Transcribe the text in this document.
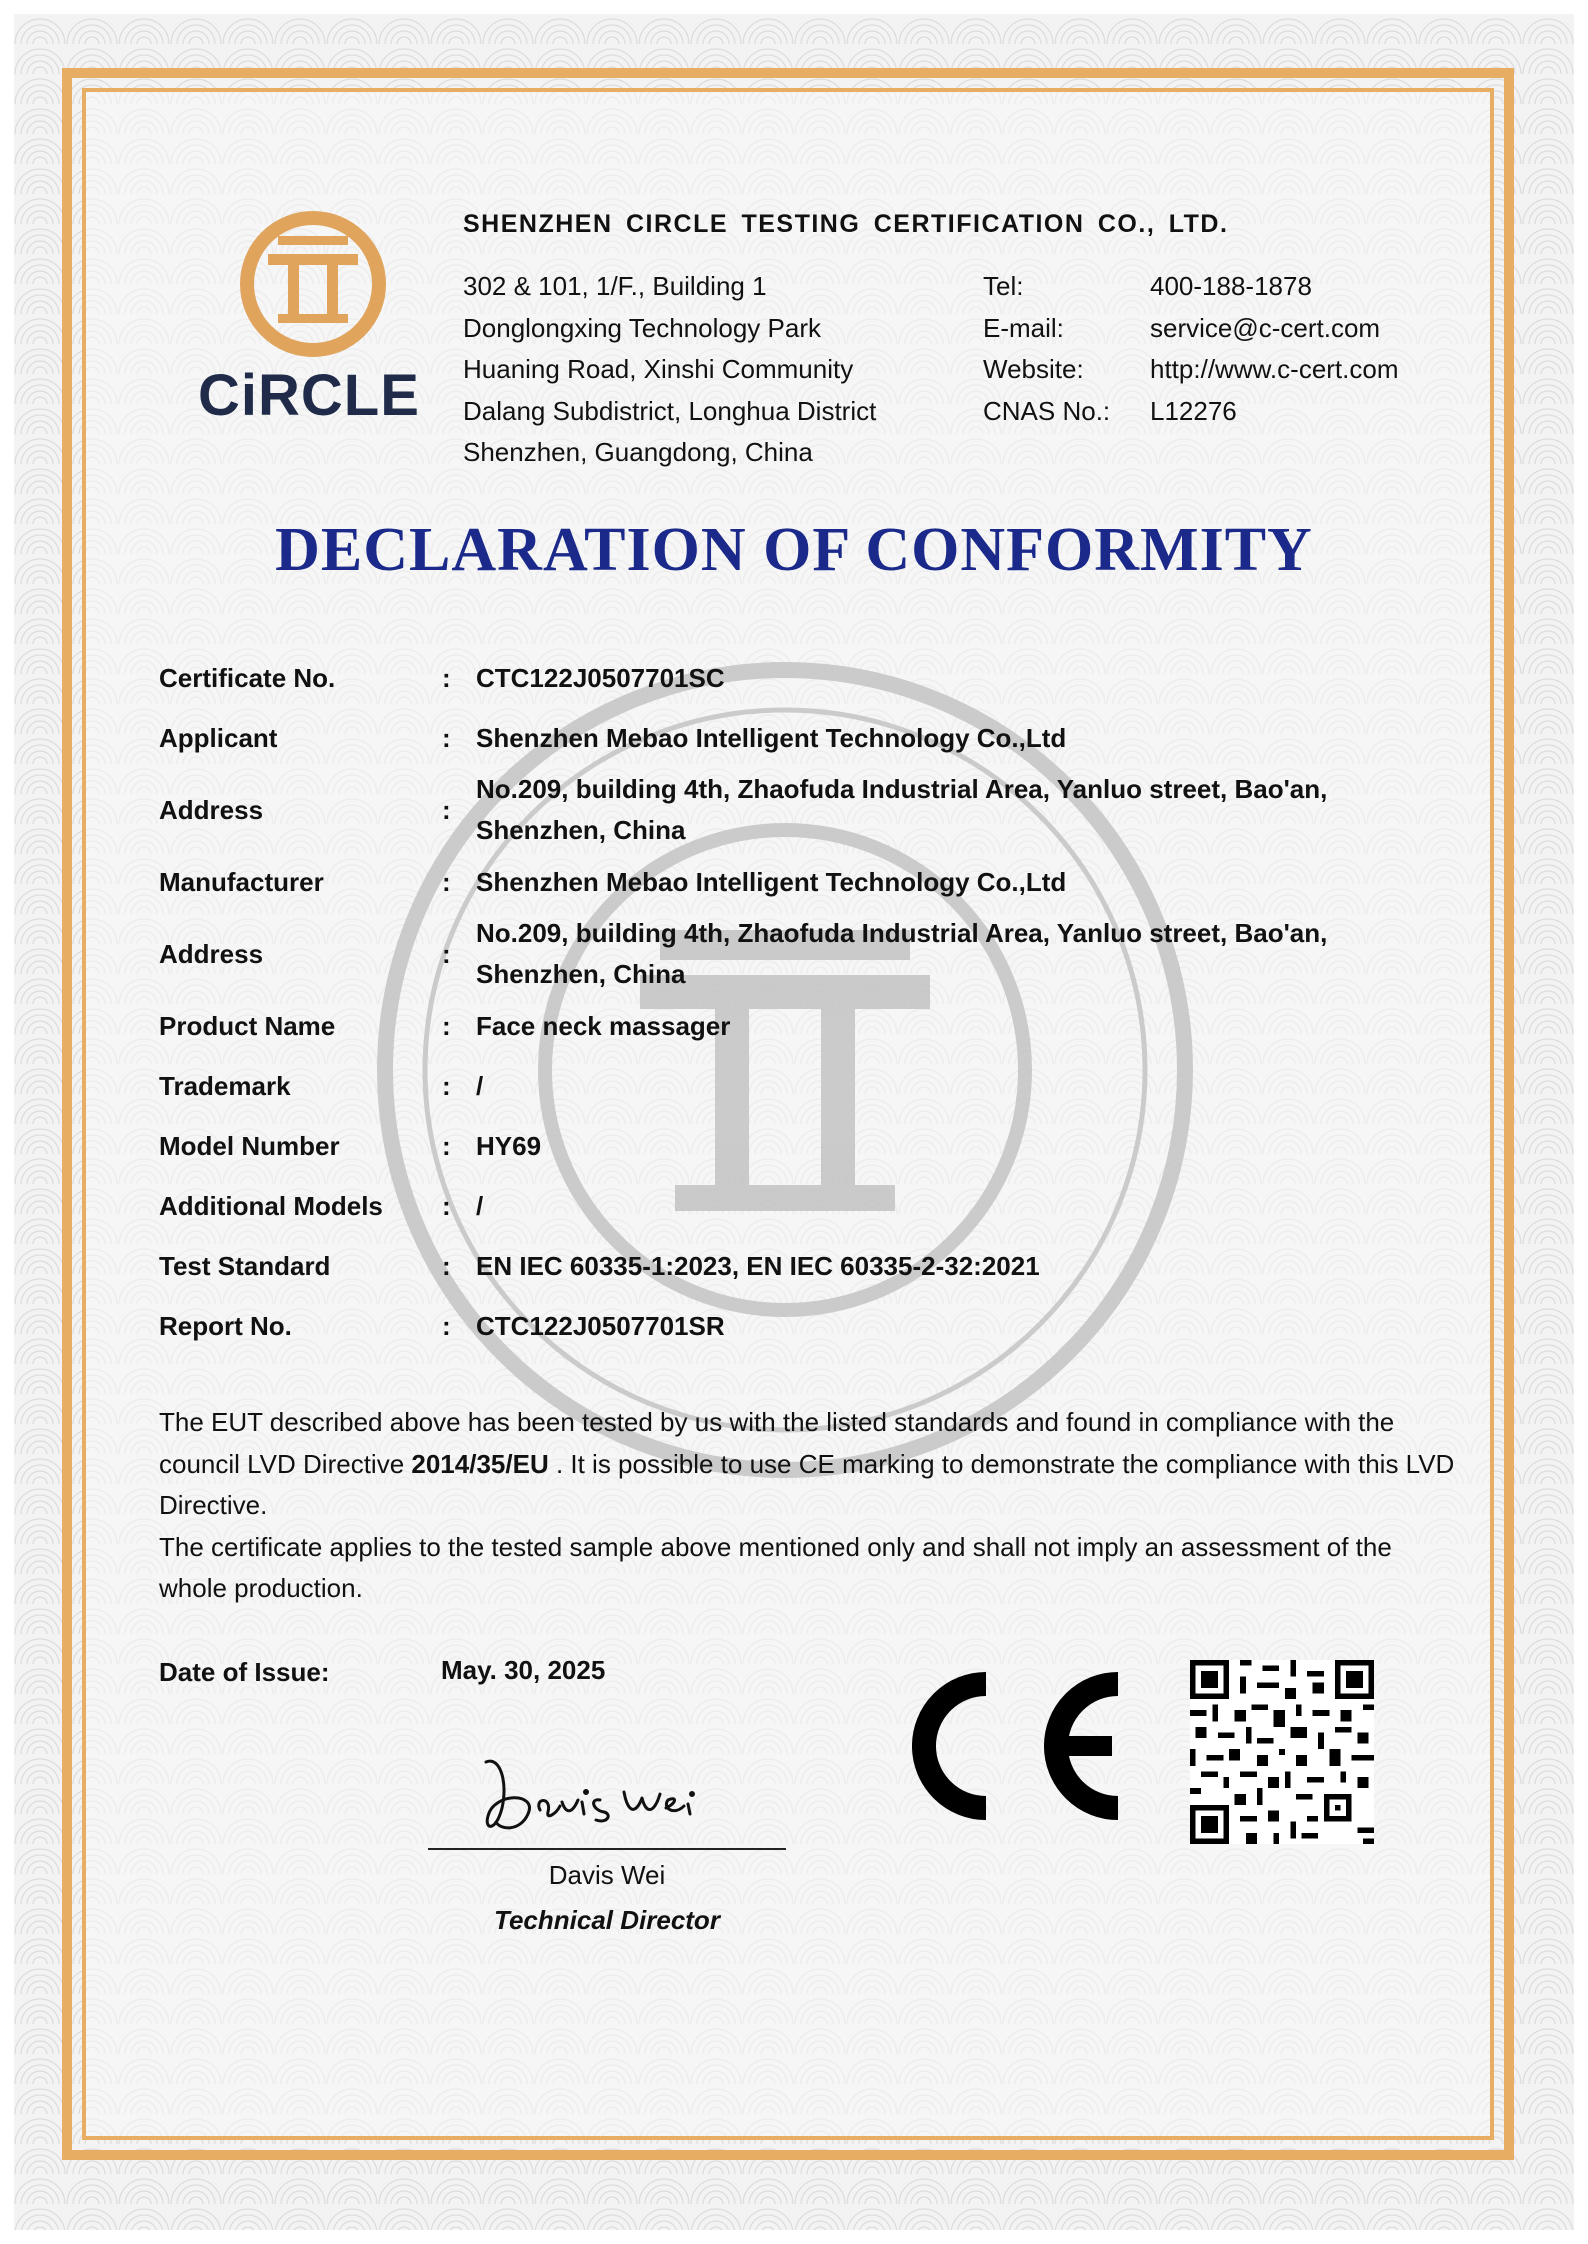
CiRCLE
SHENZHEN CIRCLE TESTING CERTIFICATION CO., LTD.
302 & 101, 1/F., Building 1
Donglongxing Technology Park
Huaning Road, Xinshi Community
Dalang Subdistrict, Longhua District
Shenzhen, Guangdong, China
Tel:	400-188-1878
E-mail:	service@c-cert.com
Website:	http://www.c-cert.com
CNAS No.:	L12276
DECLARATION OF CONFORMITY
Certificate No.	: CTC122J0507701SC
Applicant	: Shenzhen Mebao Intelligent Technology Co.,Ltd
Address	:
No.209, building 4th, Zhaofuda Industrial Area, Yanluo street, Bao'an, Shenzhen, China
Manufacturer	: Shenzhen Mebao Intelligent Technology Co.,Ltd
Address	:
No.209, building 4th, Zhaofuda Industrial Area, Yanluo street, Bao'an, Shenzhen, China
Product Name	: Face neck massager
Trademark	: /
Model Number	: HY69
Additional Models	: /
Test Standard	: EN IEC 60335-1:2023, EN IEC 60335-2-32:2021
Report No.	: CTC122J0507701SR

The EUT described above has been tested by us with the listed standards and found in compliance with the council LVD Directive 2014/35/EU . It is possible to use CE marking to demonstrate the compliance with this LVD Directive.

The certificate applies to the tested sample above mentioned only and shall not imply an assessment of the whole production.

Date of Issue:	May. 30, 2025
Davis Wei
Technical Director
